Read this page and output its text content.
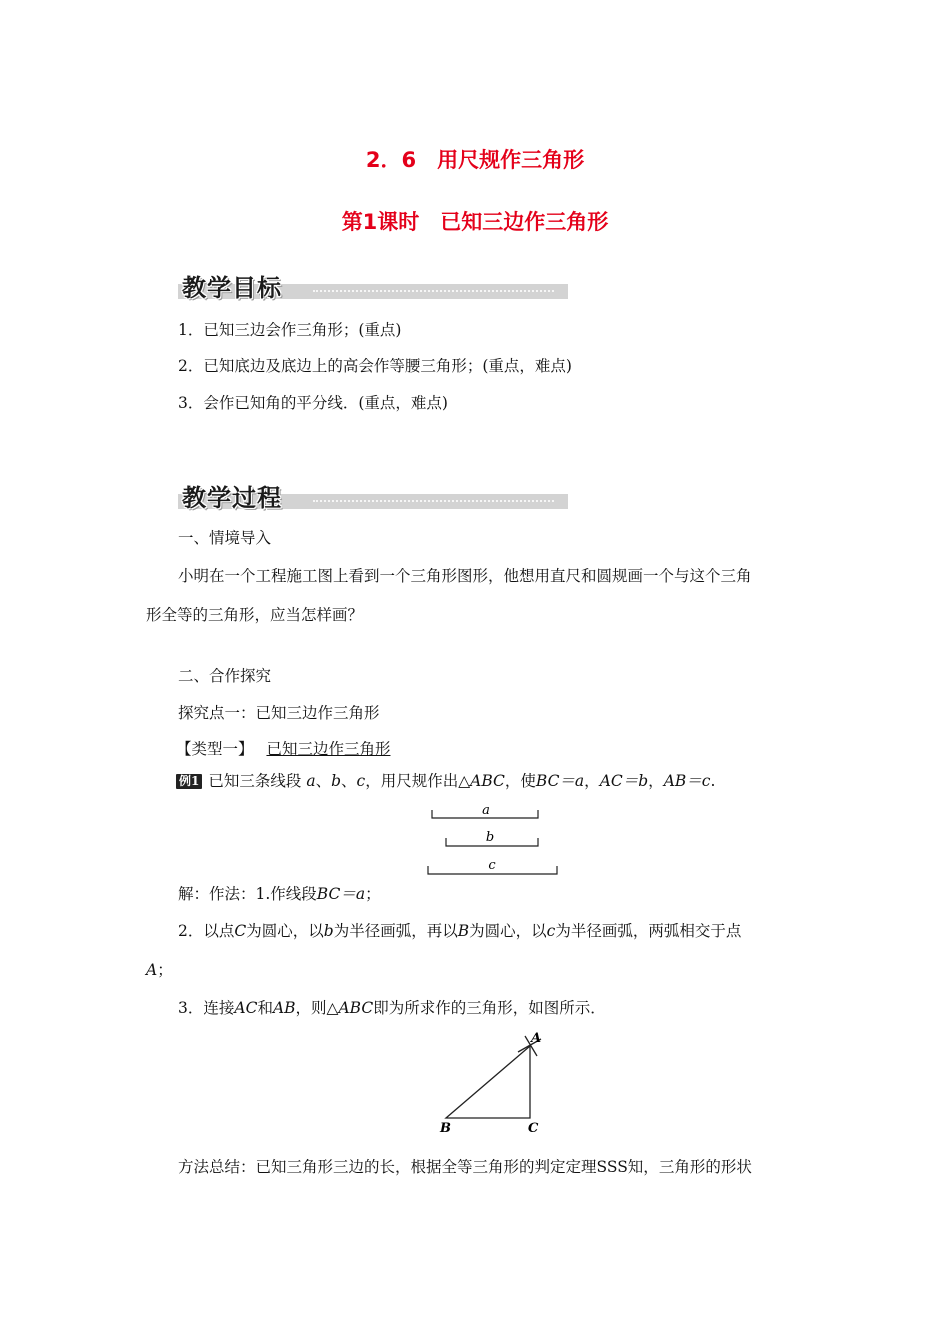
2．6　用尺规作三角形
第1课时　已知三边作三角形
教学目标
1．已知三边会作三角形；(重点)
2．已知底边及底边上的高会作等腰三角形；(重点，难点)
3．会作已知角的平分线．(重点，难点)
教学过程
一、情境导入
小明在一个工程施工图上看到一个三角形图形，他想用直尺和圆规画一个与这个三角
形全等的三角形，应当怎样画？
二、合作探究
探究点一：已知三边作三角形
【类型一】 已知三边作三角形
例1 已知三条线段 a、b、c，用尺规作出△ABC，使BC＝a，AC＝b，AB＝c.
a
b
c
A
B	C
解：作法：1.作线段BC＝a；
2．以点C为圆心，以b为半径画弧，再以B为圆心，以c为半径画弧，两弧相交于点
A；
3．连接AC和AB，则△ABC即为所求作的三角形，如图所示．
方法总结：已知三角形三边的长，根据全等三角形的判定定理SSS知，三角形的形状
